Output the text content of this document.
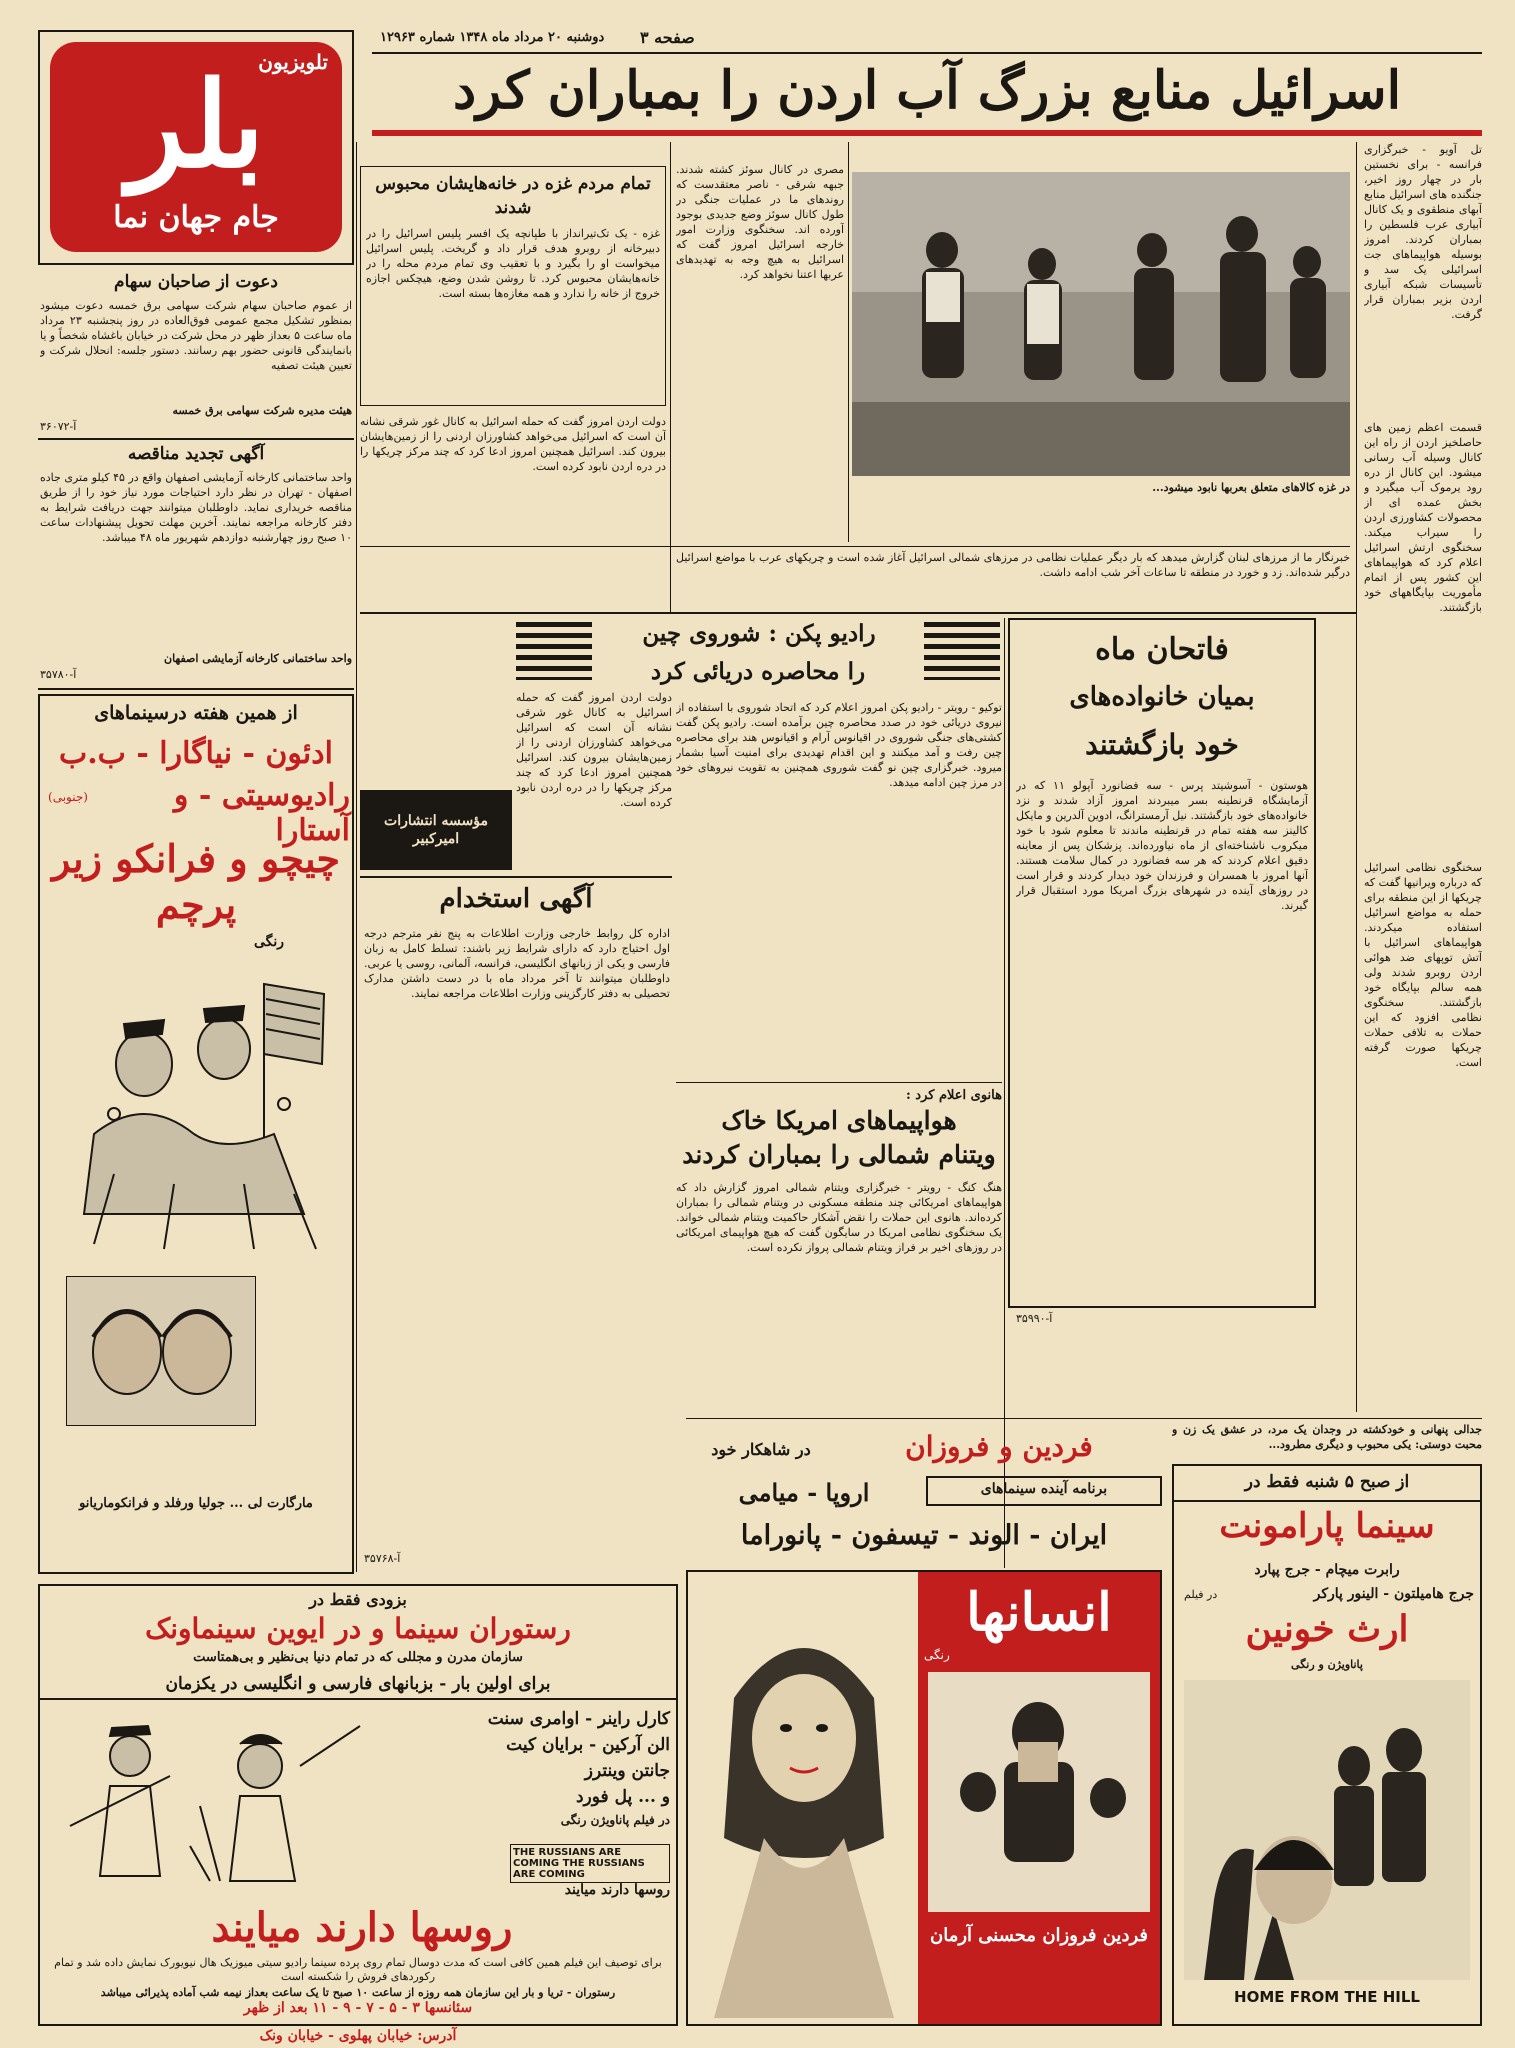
صفحه ۳
دوشنبه ۲۰ مرداد ماه ۱۳۴۸ شماره ۱۲۹۶۳
اسرائیل منابع بزرگ آب اردن را بمباران کرد
تلویزیون
بلر
جام جهان نما
دعوت از صاحبان سهام
از عموم صاحبان سهام شرکت سهامی برق خمسه دعوت میشود بمنظور تشکیل مجمع عمومی فوق‌العاده در روز پنجشنبه ۲۳ مرداد ماه ساعت ۵ بعداز ظهر در محل شرکت در خیابان باغشاه شخصاً و یا بانمایندگی قانونی حضور بهم رسانند. دستور جلسه: انحلال شرکت و تعیین هیئت تصفیه
هیئت مدیره شرکت سهامی برق خمسه
آ-۳۶۰۷۲
آگهی تجدید مناقصه
واحد ساختمانی کارخانه آزمایشی اصفهان واقع در ۴۵ کیلو متری جاده اصفهان - تهران در نظر دارد احتیاجات مورد نیاز خود را از طریق مناقصه خریداری نماید. داوطلبان میتوانند جهت دریافت شرایط به دفتر کارخانه مراجعه نمایند. آخرین مهلت تحویل پیشنهادات ساعت ۱۰ صبح روز چهارشنبه دوازدهم شهریور ماه ۴۸ میباشد.
واحد ساختمانی کارخانه آزمایشی اصفهان
آ-۳۵۷۸۰
از همین هفته درسینماهای
ادئون - نیاگارا - ب.ب
رادیوسیتی - و آستارا
(جنوبی)
چیچو و فرانکو زیر پرچم
رنگی
مارگارت لی ... جولیا ورفلد و فرانکوماریانو
بزودی فقط در
رستوران سینما و در ایوین سینماونک
سازمان مدرن و مجللی که در تمام دنیا بی‌نظیر و بی‌همتاست
برای اولین بار - بزبانهای فارسی و انگلیسی در یکزمان
کارل راینر - اوامری سنت
الن آرکین - برایان کیت
جانتن وینترز
و ... پل فورد
در فیلم پاناویژن رنگی
THE RUSSIANS ARE COMING THE RUSSIANS ARE COMING
روسها دارند میایند
روسها دارند میایند
برای توصیف این فیلم همین کافی است که مدت دوسال تمام روی پرده سینما رادیو سیتی میوزیک هال نیویورک نمایش داده شد و تمام رکوردهای فروش را شکسته است
رستوران - تریا و بار این سازمان همه روزه از ساعت ۱۰ صبح تا یک ساعت بعداز نیمه شب آماده پذیرائی میباشد
سئانسها ۳ - ۵ - ۷ - ۹ - ۱۱ بعد از ظهر
آدرس: خیابان پهلوی - خیابان ونک
تل آویو - خبرگزاری فرانسه - برای نخستین بار در چهار روز اخیر، جنگنده های اسرائیل منابع آبهای منطقوی و یک کانال آبیاری عرب فلسطین را بمباران کردند. امروز بوسیله هواپیماهای جت اسرائیلی یک سد و تأسیسات شبکه آبیاری اردن بزیر بمباران قرار گرفت.
قسمت اعظم زمین های حاصلخیز اردن از راه این کانال وسیله آب رسانی میشود. این کانال از دره رود یرموک آب میگیرد و بخش عمده ای از محصولات کشاورزی اردن را سیراب میکند. سخنگوی ارتش اسرائیل اعلام کرد که هواپیماهای این کشور پس از اتمام مأموریت بپایگاههای خود بازگشتند.
سخنگوی نظامی اسرائیل که درباره ویرانیها گفت که چریکها از این منطقه برای حمله به مواضع اسرائیل استفاده میکردند. هواپیماهای اسرائیل با آتش توپهای ضد هوائی اردن روبرو شدند ولی همه سالم بپایگاه خود بازگشتند. سخنگوی نظامی افزود که این حملات به تلافی حملات چریکها صورت گرفته است.
در غزه کالاهای متعلق بعربها نابود میشود...
مصری در کانال سوئز کشته شدند. جبهه شرقی - ناصر معتقدست که روندهای ما در عملیات جنگی در طول کانال سوئز وضع جدیدی بوجود آورده اند. سخنگوی وزارت امور خارجه اسرائیل امروز گفت که اسرائیل به هیچ وجه به تهدیدهای عربها اعتنا نخواهد کرد.
تمام مردم غزه در خانه‌هایشان محبوس شدند
غزه - یک تک‌تیرانداز با طپانچه یک افسر پلیس اسرائیل را در دبیرخانه از روبرو هدف قرار داد و گریخت. پلیس اسرائیل میخواست او را بگیرد و با تعقیب وی تمام مردم محله را در خانه‌هایشان محبوس کرد. تا روشن شدن وضع، هیچکس اجازه خروج از خانه را ندارد و همه مغازه‌ها بسته است.
دولت اردن امروز گفت که حمله اسرائیل به کانال غور شرقی نشانه آن است که اسرائیل می‌خواهد کشاورزان اردنی را از زمین‌هایشان بیرون کند. اسرائیل همچنین امروز ادعا کرد که چند مرکز چریکها را در دره اردن نابود کرده است.
خبرنگار ما از مرزهای لبنان گزارش میدهد که بار دیگر عملیات نظامی در مرزهای شمالی اسرائیل آغاز شده است و چریکهای عرب با مواضع اسرائیل درگیر شده‌اند. زد و خورد در منطقه تا ساعات آخر شب ادامه داشت.
فاتحان ماه
بمیان خانواده‌های
خود بازگشتند
هوستون - آسوشیتد پرس - سه فضانورد آپولو ۱۱ که در آزمایشگاه قرنطینه بسر میبردند امروز آزاد شدند و نزد خانواده‌های خود بازگشتند. نیل آرمسترانگ، ادوین آلدرین و مایکل کالینز سه هفته تمام در قرنطینه ماندند تا معلوم شود با خود میکروب ناشناخته‌ای از ماه نیاورده‌اند. پزشکان پس از معاینه دقیق اعلام کردند که هر سه فضانورد در کمال سلامت هستند. آنها امروز با همسران و فرزندان خود دیدار کردند و قرار است در روزهای آینده در شهرهای بزرگ امریکا مورد استقبال قرار گیرند.
آ-۳۵۹۹۰
رادیو پکن : شوروی چین
را محاصره دریائی کرد
توکیو - رویتر - رادیو پکن امروز اعلام کرد که اتحاد شوروی با استفاده از نیروی دریائی خود در صدد محاصره چین برآمده است. رادیو پکن گفت کشتی‌های جنگی شوروی در اقیانوس آرام و اقیانوس هند برای محاصره چین رفت و آمد میکنند و این اقدام تهدیدی برای امنیت آسیا بشمار میرود. خبرگزاری چین نو گفت شوروی همچنین به تقویت نیروهای خود در مرز چین ادامه میدهد.
هانوی اعلام کرد :
هواپیماهای امریکا خاک
ویتنام شمالی را بمباران کردند
هنگ کنگ - رویتر - خبرگزاری ویتنام شمالی امروز گزارش داد که هواپیماهای امریکائی چند منطقه مسکونی در ویتنام شمالی را بمباران کرده‌اند. هانوی این حملات را نقض آشکار حاکمیت ویتنام شمالی خواند. یک سخنگوی نظامی امریکا در سایگون گفت که هیچ هواپیمای امریکائی در روزهای اخیر بر فراز ویتنام شمالی پرواز نکرده است.
مؤسسه انتشارات امیرکبیر
دولت اردن امروز گفت که حمله اسرائیل به کانال غور شرقی نشانه آن است که اسرائیل می‌خواهد کشاورزان اردنی را از زمین‌هایشان بیرون کند. اسرائیل همچنین امروز ادعا کرد که چند مرکز چریکها را در دره اردن نابود کرده است.
آگهی استخدام
اداره کل روابط خارجی وزارت اطلاعات به پنج نفر مترجم درجه اول احتیاج دارد که دارای شرایط زیر باشند: تسلط کامل به زبان فارسی و یکی از زبانهای انگلیسی، فرانسه، آلمانی، روسی یا عربی. داوطلبان میتوانند تا آخر مرداد ماه با در دست داشتن مدارک تحصیلی به دفتر کارگزینی وزارت اطلاعات مراجعه نمایند.
آ-۳۵۷۶۸
جدالی پنهانی و خودکشته در وجدان یک مرد، در عشق یک زن و محبت دوستی: یکی محبوب و دیگری مطرود...
از صبح ۵ شنبه فقط در
سینما پارامونت
رابرت میچام - جرج پپارد
جرج هامیلتون - الینور پارکر
در فیلم
ارث خونین
پاناویژن و رنگی
HOME FROM THE HILL
فردین و فروزان
در شاهکار خود
برنامه آینده سینماهای
اروپا - میامی
ایران - الوند - تیسفون - پانوراما
انسانها
رنگی
فردین فروزان محسنی آرمان
